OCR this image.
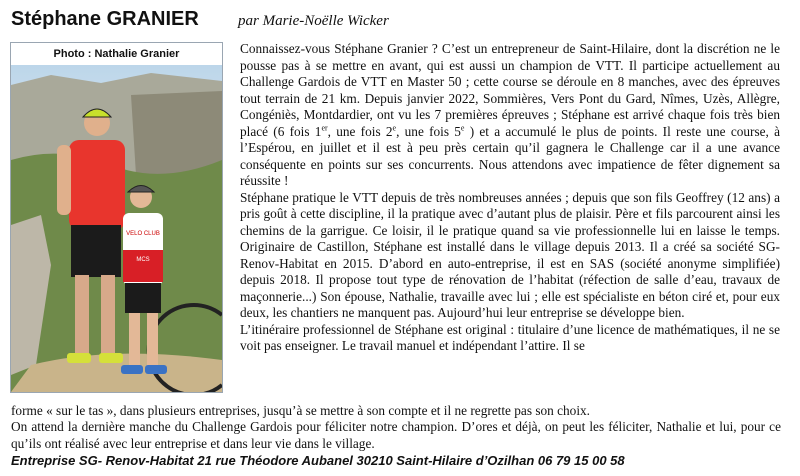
Stéphane GRANIER	par Marie-Noëlle Wicker
Photo : Nathalie Granier
VELO CLUB
MCS

Connaissez-vous Stéphane Granier ? C’est un entrepreneur de Saint-Hilaire, dont la discrétion ne le pousse pas à se mettre en avant, qui est aussi un champion de VTT. Il participe actuellement au Challenge Gardois de VTT en Master 50 ; cette course se déroule en 8 manches, avec des épreuves tout terrain de 21 km. Depuis janvier 2022, Sommières, Vers Pont du Gard, Nîmes, Uzès, Allègre, Congéniès, Montdardier, ont vu les 7 premières épreuves ; Stéphane est arrivé chaque fois très bien placé (6 fois 1er, une fois 2e, une fois 5e ) et a accumulé le plus de points. Il reste une course, à l’Espérou, en juillet et il est à peu près certain qu’il gagnera le Challenge car il a une avance conséquente en points sur ses concurrents. Nous attendons avec impatience de fêter dignement sa réussite !

Stéphane pratique le VTT depuis de très nombreuses années ; depuis que son fils Geoffrey (12 ans) a pris goût à cette discipline, il la pratique avec d’autant plus de plaisir. Père et fils parcourent ainsi les chemins de la garrigue. Ce loisir, il le pratique quand sa vie professionnelle lui en laisse le temps. Originaire de Castillon, Stéphane est installé dans le village depuis 2013. Il a créé sa société SG- Renov-Habitat en 2015. D’abord en auto-entreprise, il est en SAS (société anonyme simplifiée) depuis 2018. Il propose tout type de rénovation de l’habitat (réfection de salle d’eau, travaux de maçonnerie...) Son épouse, Nathalie, travaille avec lui ; elle est spécialiste en béton ciré et, pour eux deux, les chantiers ne manquent pas. Aujourd’hui leur entreprise se développe bien.

L’itinéraire professionnel de Stéphane est original : titulaire d’une licence de mathématiques, il ne se voit pas enseigner. Le travail manuel et indépendant l’attire. Il se

forme « sur le tas », dans plusieurs entreprises, jusqu’à se mettre à son compte et il ne regrette pas son choix.
On attend la dernière manche du Challenge Gardois pour féliciter notre champion. D’ores et déjà, on peut les féliciter, Nathalie et lui, pour ce qu’ils ont réalisé avec leur entreprise et dans leur vie dans le village.
Entreprise SG- Renov-Habitat 21 rue Théodore Aubanel 30210 Saint-Hilaire d’Ozilhan 06 79 15 00 58
